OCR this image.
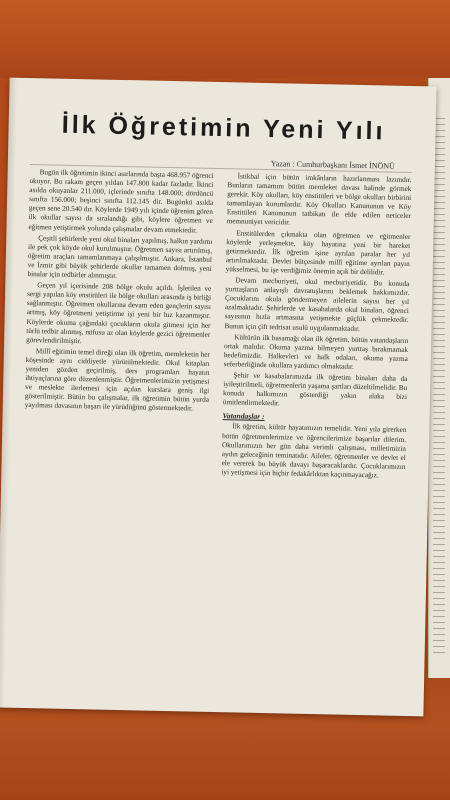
İlk Öğretimin Yeni Yılı
Yazan : Cumhurbaşkanı İsmet İNÖNÜ

Bugün ilk öğretimin ikinci asırlarında başta 468.957 öğrenci okuyor. Bu rakam geçen yıldan 147.800 kadar fazladır. İkinci asılda okuyanlar 211.000, içlerinde sınıfta 148.000; dördüncü sınıfta 156.000; beşinci sınıfta 112.145 dir. Bugünkü asılda geçen sene 20.540 dır. Köylerde 1949 yılı içinde öğrenim gören ilk okullar sayısı da sıralandığı gibi, köylere öğretmen ve eğitmen yetiştirmek yolunda çalışmalar devam etmektedir.

Çeşitli şehirlerde yeni okul binaları yapılmış, halkın yardımı ile pek çok köyde okul kurulmuştur. Öğretmen sayısı artırılmış, öğretim araçları tamamlanmaya çalışılmıştır. Ankara, İstanbul ve İzmir gibi büyük şehirlerde okullar tamamen dolmuş, yeni binalar için tedbirler alınmıştır.

Geçen yıl içerisinde 208 bölge okulu açıldı. İşletilen ve sergi yapılan köy enstitüleri ile bölge okulları arasında iş birliği sağlanmıştır. Öğretmen okullarına devam eden gençlerin sayısı artmış, köy öğretmeni yetiştirme işi yeni bir hız kazanmıştır. Köylerde okuma çağındaki çocukların okula gitmesi için her türlü tedbir alınmış, nüfusu az olan köylerde gezici öğretmenler görevlendirilmiştir.

Millî eğitimin temel direği olan ilk öğretim, memleketin her köşesinde aynı ciddiyetle yürütülmektedir. Okul kitapları yeniden gözden geçirilmiş, ders programları hayatın ihtiyaçlarına göre düzenlenmiştir. Öğretmenlerimizin yetişmesi ve meslekte ilerlemesi için açılan kurslara geniş ilgi gösterilmiştir. Bütün bu çalışmalar, ilk öğretimin bütün yurda yayılması davasının başarı ile yürüdüğünü göstermektedir.

İstikbal için bütün imkânların hazırlanması lazımdır. Bunların tamamını bütün memleket davası halinde görmek gerekir. Köy okulları, köy enstitüleri ve bölge okulları birbirini tamamlayan kurumlardır. Köy Okulları Kanununun ve Köy Enstitüleri Kanununun tatbikatı ile elde edilen neticeler memnuniyet vericidir.

Enstitülerden çıkmakta olan öğretmen ve eğitmenler köylerde yerleşmekte, köy hayatına yeni bir hareket getirmektedir. İlk öğretim işine ayrılan paralar her yıl artırılmaktadır. Devlet bütçesinde millî eğitime ayrılan payın yükselmesi, bu işe verdiğimiz önemin açık bir delilidir.

Devam mecburiyeti, okul mecburiyetidir. Bu konuda yurttaşların anlayışlı davranışlarını beklemek hakkımızdır. Çocuklarını okula göndermeyen ailelerin sayısı her yıl azalmaktadır. Şehirlerde ve kasabalarda okul binaları, öğrenci sayısının hızla artmasına yetişmekte güçlük çekmektedir. Bunun için çift tedrisat usulü uygulanmaktadır.

Kültürün ilk basamağı olan ilk öğretim, bütün vatandaşların ortak malıdır. Okuma yazma bilmeyen yurttaş bırakmamak hedefimizdir. Halkevleri ve halk odaları, okuma yazma seferberliğinde okullara yardımcı olmaktadır.

Şehir ve kasabalarımızda ilk öğretim binaları daha da iyileştirilmeli, öğretmenlerin yaşama şartları düzeltilmelidir. Bu konuda halkımızın gösterdiği yakın alaka bizi ümitlendirmektedir.

Vatandaşlar :

İlk öğretim, kültür hayatımızın temelidir. Yeni yıla girerken bütün öğretmenlerimize ve öğrencilerimize başarılar dilerim. Okullarımızın her gün daha verimli çalışması, milletimizin aydın geleceğinin teminatıdır. Aileler, öğretmenler ve devlet el ele vererek bu büyük davayı başaracaklardır. Çocuklarımızın iyi yetişmesi için hiçbir fedakârlıktan kaçınmayacağız.
